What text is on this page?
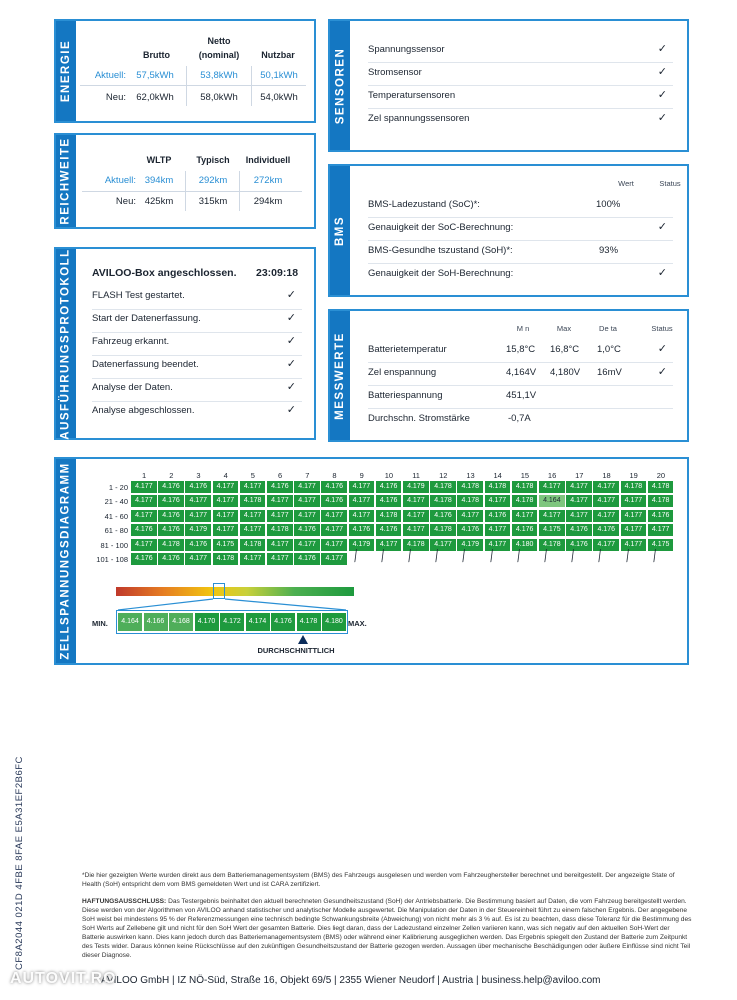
ENERGIE	Brutto
Netto
(nominal)	Nutzbar
Aktuell:	57,5kWh	53,8kWh	50,1kWh
Neu:	62,0kWh	58,0kWh	54,0kWh
REICHWEITE	WLTP	Typisch	Individuell
Aktuell: 394km	292km	272km
Neu: 425km	315km	294km
AUSFÜHRUNGSPROTOKOLL AVILOO-Box angeschlossen. 23:09:18
FLASH Test gestartet.	✓
Start der Datenerfassung.	✓
Fahrzeug erkannt.	✓
Datenerfassung beendet.	✓
Analyse der Daten.	✓
Analyse abgeschlossen.	✓
SENSOREN Spannungssensor	✓
Stromsensor	✓
Temperatursensoren	✓
Zel spannungssensoren	✓
BMS
Wert	Status
BMS-Ladezustand (SoC)*:	100%
Genauigkeit der SoC-Berechnung:	✓
BMS-Gesundhe tszustand (SoH)*:	93%
Genauigkeit der SoH-Berechnung:	✓
MESSWERTE
M n	Max	De ta	Status
Batterietemperatur	15,8°C 16,8°C 1,0°C	✓
Zel enspannung	4,164V 4,180V 16mV	✓
Batteriespannung	451,1V
Durchschn. Stromstärke	-0,7A
ZELLSPANNUNGSDIAGRAMM	MIN.	MAX.
DURCHSCHNITTLICH
1	2	3	4	5	6	7	8	9	10	11	12	13	14	15	16	17	18	19	20
1 - 20	4.177	4.176	4.176	4.177	4.177	4.176	4.177	4.176	4.177	4.176	4.179	4.178	4.178	4.178	4.178	4.177	4.177	4.177	4.178	4.178
21 - 40	4.177	4.176	4.177	4.177	4.178	4.177	4.177	4.176	4.177	4.176	4.177	4.178	4.178	4.177	4.178	4.164	4.177	4.177	4.177	4.178
41 - 60	4.177	4.176	4.177	4.177	4.177	4.177	4.177	4.177	4.177	4.178	4.177	4.176	4.177	4.176	4.177	4.177	4.177	4.177	4.177	4.176
61 - 80	4.176	4.176	4.179	4.177	4.177	4.178	4.176	4.177	4.176	4.176	4.177	4.178	4.176	4.177	4.176	4.175	4.176	4.176	4.177	4.177
81 - 100	4.177	4.178	4.176	4.175	4.178	4.177	4.177	4.177	4.179	4.177	4.178	4.177	4.179	4.177	4.180	4.178	4.176	4.177	4.177	4.175
101 - 108	4.176	4.176	4.177	4.178	4.177	4.177	4.176	4.177 ╱ ╱ ╱ ╱ ╱ ╱ ╱ ╱ ╱ ╱ ╱ ╱
4.164	4.166	4.168	4.170	4.172	4.174	4.176	4.178	4.180
*Die hier gezeigten Werte wurden direkt aus dem Batteriemanagementsystem (BMS) des Fahrzeugs ausgelesen und werden vom Fahrzeughersteller berechnet und bereitgestellt. Der angezeigte State of Health (SoH) entspricht dem vom BMS gemeldeten Wert und ist CARA zertifiziert.
HAFTUNGSAUSSCHLUSS: Das Testergebnis beinhaltet den aktuell berechneten Gesundheitszustand (SoH) der Antriebsbatterie. Die Bestimmung basiert auf Daten, die vom Fahrzeug bereitgestellt werden. Diese werden von der Algorithmen von AVILOO anhand statistischer und analytischer Modelle ausgewertet. Die Manipulation der Daten in der Steuereinheit führt zu einem falschen Ergebnis. Der angegebene SoH weist bei mindestens 95 % der Referenzmessungen eine technisch bedingte Schwankungsbreite (Abweichung) von nicht mehr als 3 % auf. Es ist zu beachten, dass diese Toleranz für die Bestimmung des SoH Werts auf Zellebene gilt und nicht für den SoH Wert der gesamten Batterie. Dies liegt daran, dass der Ladezustand einzelner Zellen variieren kann, was sich negativ auf den aktuellen SoH-Wert der Batterie auswirken kann. Dies kann jedoch durch das Batteriemanagementsystem (BMS) oder während einer Kalibrierung ausgeglichen werden. Das Ergebnis spiegelt den Zustand der Batterie zum Zeitpunkt des Tests wider. Daraus können keine Rückschlüsse auf den zukünftigen Gesundheitszustand der Batterie gezogen werden. Aussagen über mechanische Beschädigungen oder äußere Einflüsse sind nicht Teil dieser Diagnose.
CF8A2044 021D 4FBE 8FAE E5A31EF2B6FC
AVILOO GmbH | IZ NÖ-Süd, Straße 16, Objekt 69/5 | 2355 Wiener Neudorf | Austria | business.help@aviloo.com
AUTOVIT.RO
